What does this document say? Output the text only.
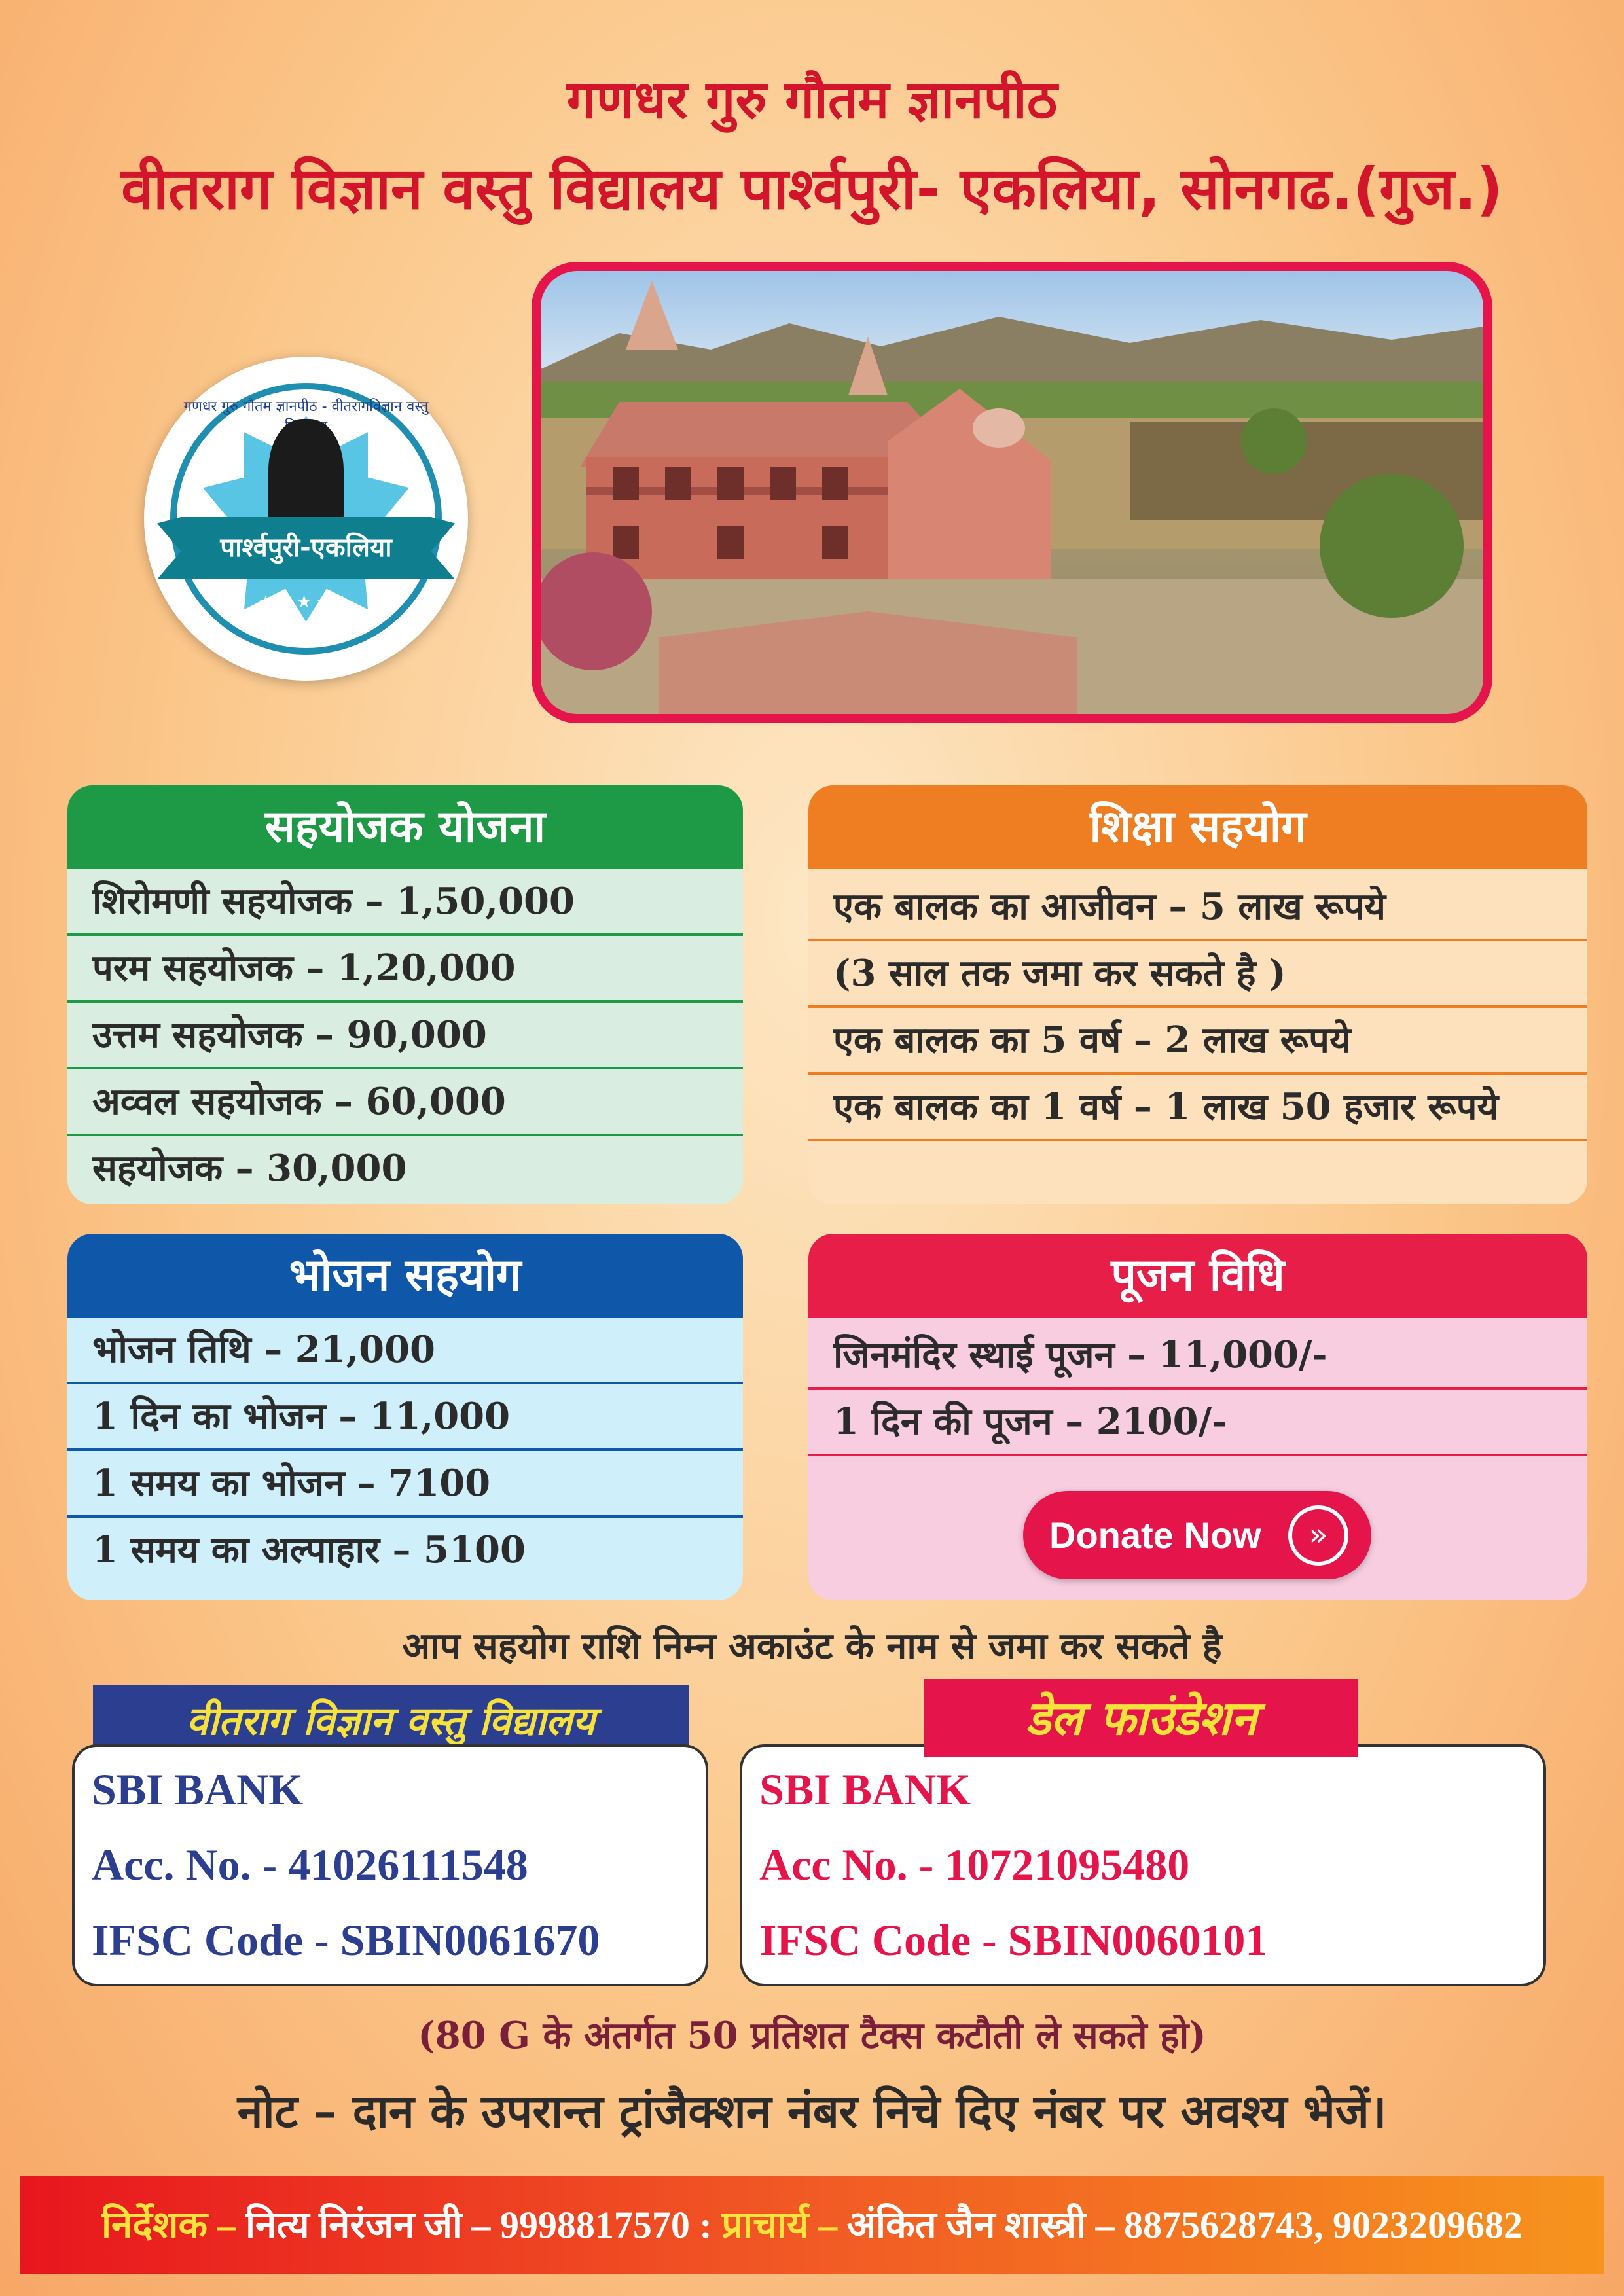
गणधर गुरु गौतम ज्ञानपीठ
वीतराग विज्ञान वस्तु विद्यालय पार्श्वपुरी- एकलिया, सोनगढ.(गुज.)
गणधर गुरु गौतम ज्ञानपीठ - वीतरागविज्ञान वस्तु
पार्श्वपुरी-एकलिया
★★★★★
सहयोजक योजना
शिरोमणी सहयोजक – 1,50,000
परम सहयोजक – 1,20,000
उत्तम सहयोजक – 90,000
अव्वल सहयोजक – 60,000
सहयोजक – 30,000
शिक्षा सहयोग
एक बालक का आजीवन – 5 लाख रूपये
(3 साल तक जमा कर सकते है )
एक बालक का 5 वर्ष – 2 लाख रूपये
एक बालक का 1 वर्ष – 1 लाख 50 हजार रूपये
भोजन सहयोग
भोजन तिथि – 21,000
1 दिन का भोजन – 11,000
1 समय का भोजन – 7100
1 समय का अल्पाहार – 5100
पूजन विधि
जिनमंदिर स्थाई पूजन – 11,000/-
1 दिन की पूजन – 2100/-
Donate Now	»
आप सहयोग राशि निम्न अकाउंट के नाम से जमा कर सकते है
वीतराग विज्ञान वस्तु विद्यालय
SBI BANK
Acc. No. - 41026111548
IFSC Code - SBIN0061670
SBI BANK
Acc No. - 10721095480
IFSC Code - SBIN0060101
डेल फाउंडेशन
(80 G के अंतर्गत 50 प्रतिशत टैक्स कटौती ले सकते हो)
नोट – दान के उपरान्त ट्रांजैक्शन नंबर निचे दिए नंबर पर अवश्य भेजें।
निर्देशक – नित्य निरंजन जी – 9998817570 : प्राचार्य – अंकित जैन शास्त्री – 8875628743, 9023209682
